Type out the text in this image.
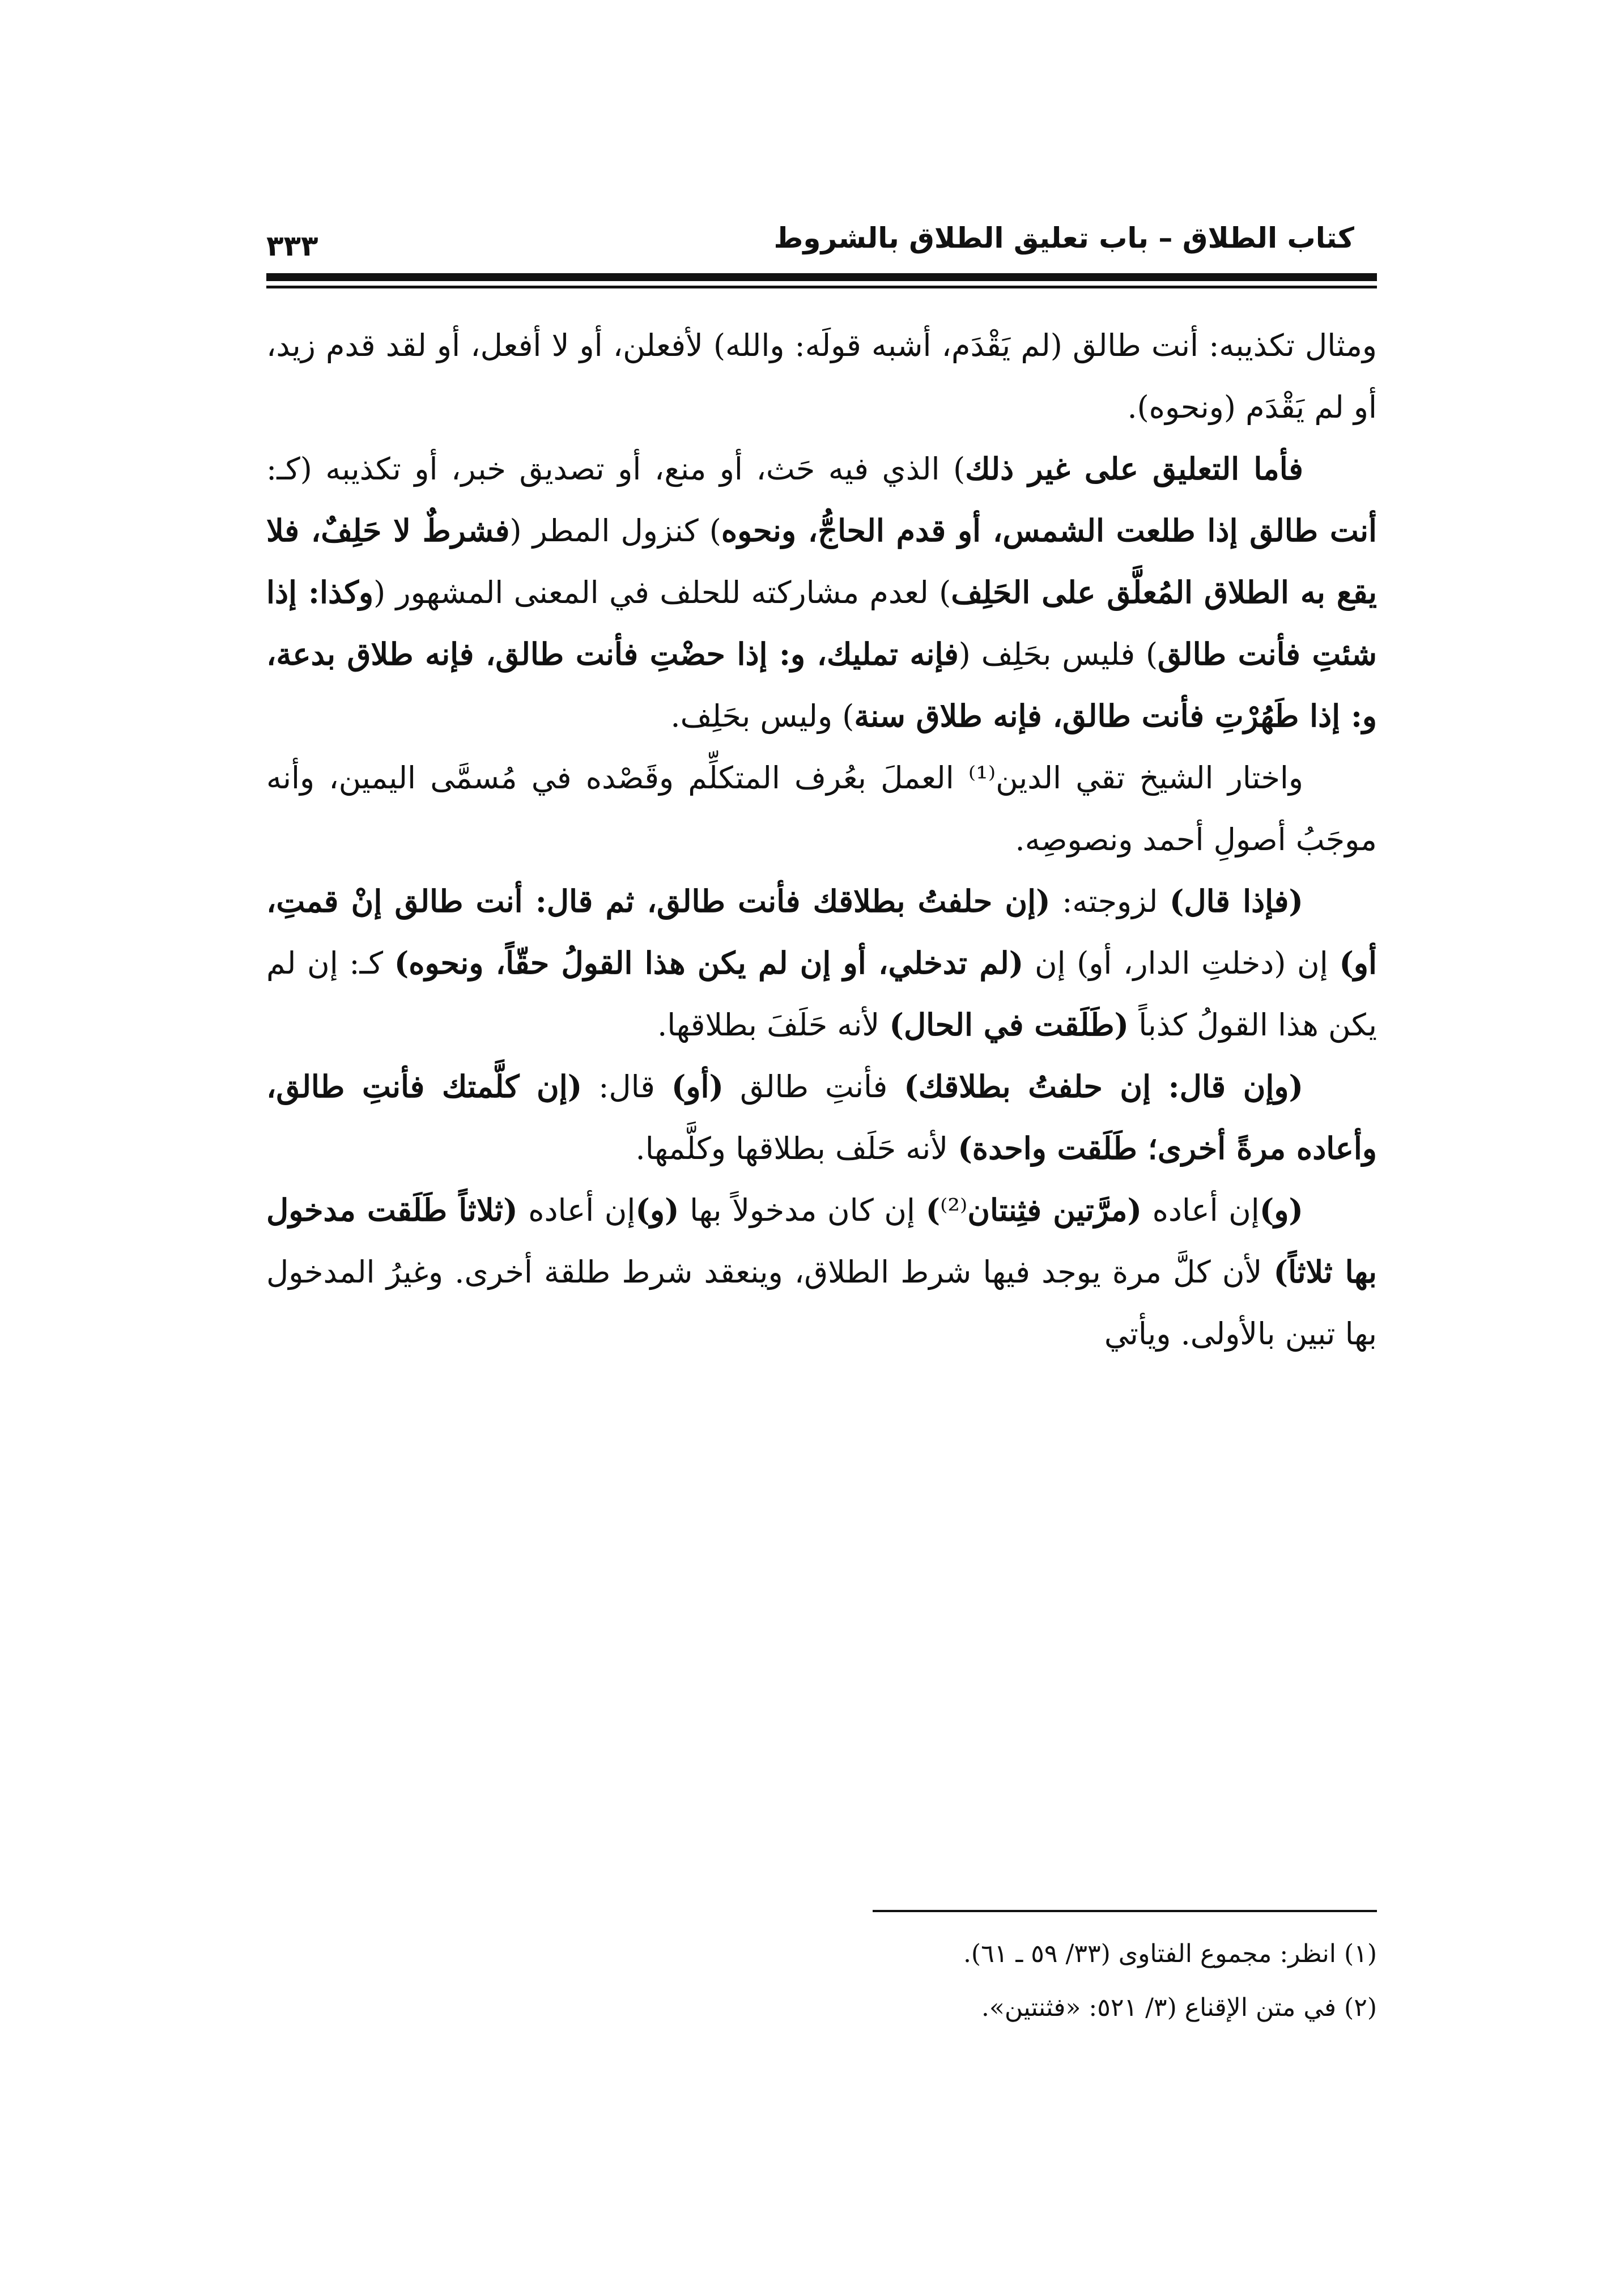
كتاب الطلاق – باب تعليق الطلاق بالشروط
٣٣٣

ومثال تكذيبه: أنت طالق (لم يَقْدَم، أشبه قولَه: والله) لأفعلن، أو لا أفعل، أو لقد قدم زيد، أو لم يَقْدَم (ونحوه).

فأما التعليق على غير ذلك) الذي فيه حَث، أو منع، أو تصديق خبر، أو تكذيبه (كـ: أنت طالق إذا طلعت الشمس، أو قدم الحاجُّ، ونحوه) كنزول المطر (فشرطٌ لا حَلِفٌ، فلا يقع به الطلاق المُعلَّق على الحَلِف) لعدم مشاركته للحلف في المعنى المشهور (وكذا: إذا شئتِ فأنت طالق) فليس بحَلِف (فإنه تمليك، و: إذا حضْتِ فأنت طالق، فإنه طلاق بدعة، و: إذا طَهُرْتِ فأنت طالق، فإنه طلاق سنة) وليس بحَلِف.

واختار الشيخ تقي الدين⁽¹⁾ العملَ بعُرف المتكلِّم وقَصْده في مُسمَّى اليمين، وأنه موجَبُ أصولِ أحمد ونصوصِه.

(فإذا قال) لزوجته: (إن حلفتُ بطلاقك فأنت طالق، ثم قال: أنت طالق إنْ قمتِ، أو) إن (دخلتِ الدار، أو) إن (لم تدخلي، أو إن لم يكن هذا القولُ حقّاً، ونحوه) كـ: إن لم يكن هذا القولُ كذباً (طَلَقت في الحال) لأنه حَلَفَ بطلاقها.

(وإن قال: إن حلفتُ بطلاقك) فأنتِ طالق (أو) قال: (إن كلَّمتك فأنتِ طالق، وأعاده مرةً أخرى؛ طَلَقت واحدة) لأنه حَلَف بطلاقها وكلَّمها.

(و)إن أعاده (مرَّتين فثِنتان⁽²⁾) إن كان مدخولاً بها (و)إن أعاده (ثلاثاً طَلَقت مدخول بها ثلاثاً) لأن كلَّ مرة يوجد فيها شرط الطلاق، وينعقد شرط طلقة أخرى. وغيرُ المدخول بها تبين بالأولى. ويأتي

(١) انظر: مجموع الفتاوى (٣٣/ ٥٩ ـ ٦١).

(٢) في متن الإقناع (٣/ ٥٢١: «فثنتين».
